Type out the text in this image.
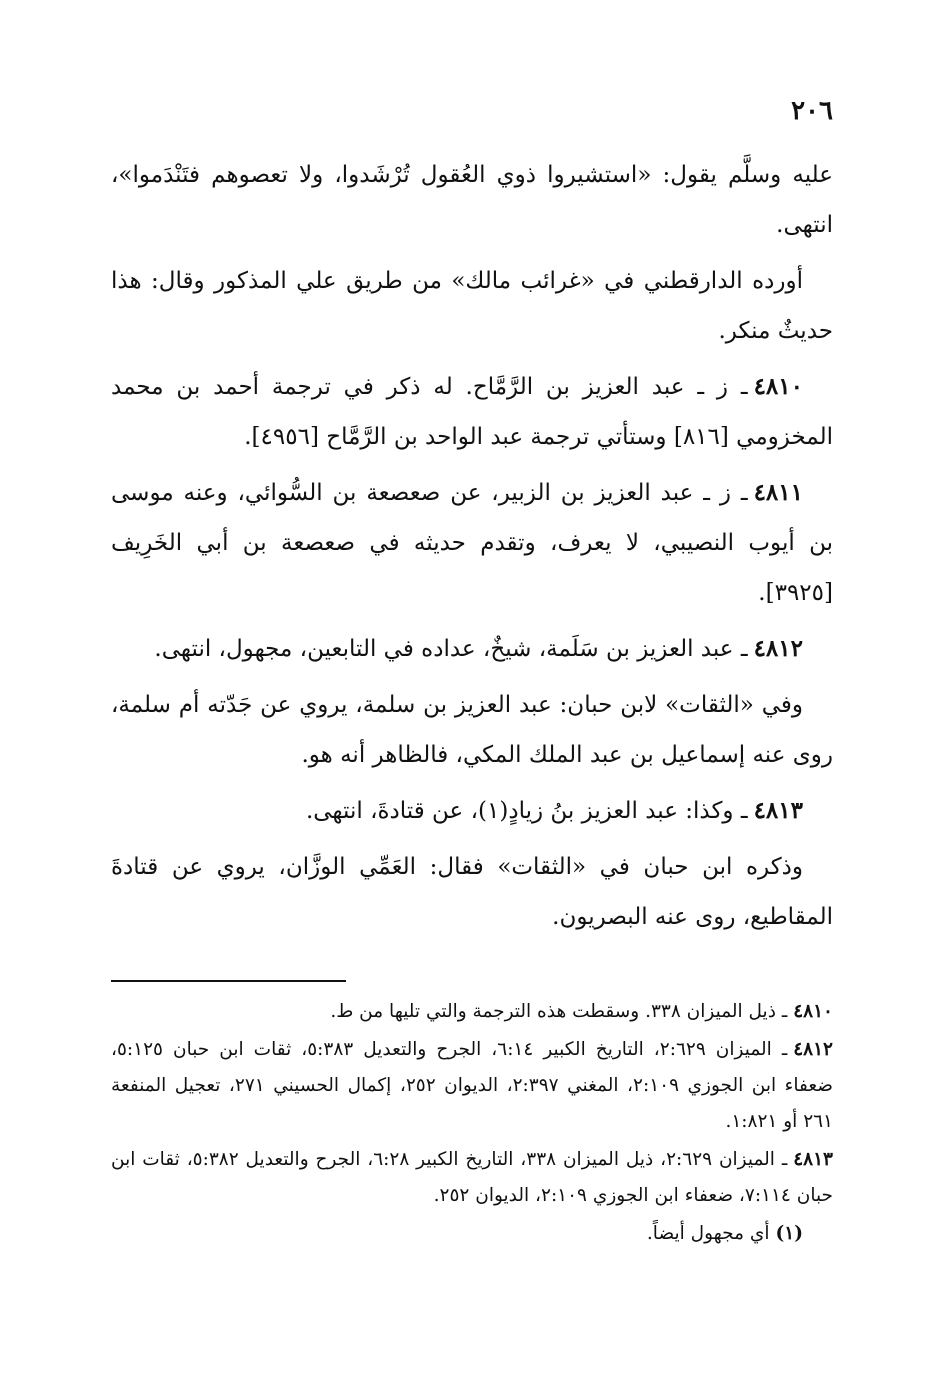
٢٠٦

عليه وسلَّم يقول: «استشيروا ذوي العُقول تُرْشَدوا، ولا تعصوهم فتَنْدَموا»، انتهى.

أورده الدارقطني في «غرائب مالك» من طريق علي المذكور وقال: هذا حديثٌ منكر.

٤٨١٠ـ ز ـ عبد العزيز بن الرَّمَّاح. له ذكر في ترجمة أحمد بن محمد المخزومي [٨١٦] وستأتي ترجمة عبد الواحد بن الرَّمَّاح [٤٩٥٦].

٤٨١١ـ ز ـ عبد العزيز بن الزبير، عن صعصعة بن السُّوائي، وعنه موسى بن أيوب النصيبي، لا يعرف، وتقدم حديثه في صعصعة بن أبي الخَرِيف [٣٩٢٥].

٤٨١٢ـ عبد العزيز بن سَلَمة، شيخٌ، عداده في التابعين، مجهول، انتهى.

وفي «الثقات» لابن حبان: عبد العزيز بن سلمة، يروي عن جَدّته أم سلمة، روى عنه إسماعيل بن عبد الملك المكي، فالظاهر أنه هو.

٤٨١٣ـ وكذا: عبد العزيز بنُ زيادٍ(١)، عن قتادةَ، انتهى.

وذكره ابن حبان في «الثقات» فقال: العَمِّي الوزَّان، يروي عن قتادةَ المقاطيع، روى عنه البصريون.

٤٨١٠ـ ذيل الميزان ٣٣٨. وسقطت هذه الترجمة والتي تليها من ط.

٤٨١٢ـ الميزان ٢:٦٢٩، التاريخ الكبير ٦:١٤، الجرح والتعديل ٥:٣٨٣، ثقات ابن حبان ٥:١٢٥، ضعفاء ابن الجوزي ٢:١٠٩، المغني ٢:٣٩٧، الديوان ٢٥٢، إكمال الحسيني ٢٧١، تعجيل المنفعة ٢٦١ أو ١:٨٢١.

٤٨١٣ـ الميزان ٢:٦٢٩، ذيل الميزان ٣٣٨، التاريخ الكبير ٦:٢٨، الجرح والتعديل ٥:٣٨٢، ثقات ابن حبان ٧:١١٤، ضعفاء ابن الجوزي ٢:١٠٩، الديوان ٢٥٢.

(١)أي مجهول أيضاً.
